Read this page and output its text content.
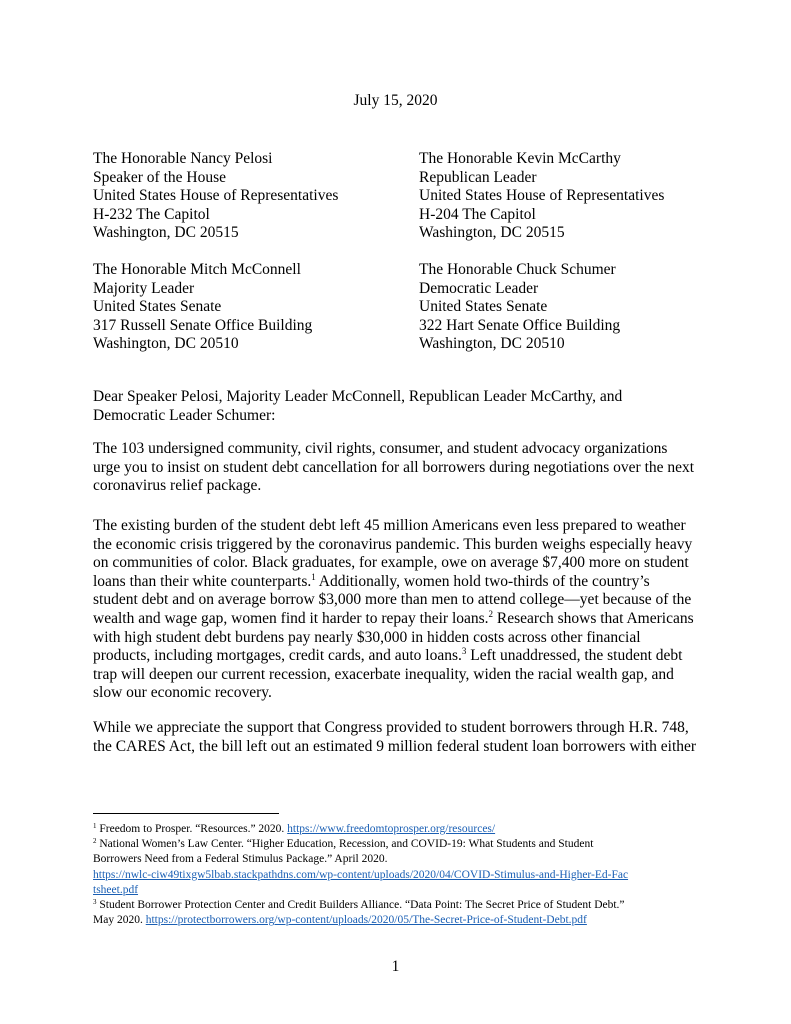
July 15, 2020
The Honorable Nancy Pelosi
Speaker of the House
United States House of Representatives
H-232 The Capitol
Washington, DC 20515
The Honorable Kevin McCarthy
Republican Leader
United States House of Representatives
H-204 The Capitol
Washington, DC 20515
The Honorable Mitch McConnell
Majority Leader
United States Senate
317 Russell Senate Office Building
Washington, DC 20510
The Honorable Chuck Schumer
Democratic Leader
United States Senate
322 Hart Senate Office Building
Washington, DC 20510
Dear Speaker Pelosi, Majority Leader McConnell, Republican Leader McCarthy, and
Democratic Leader Schumer:
The 103 undersigned community, civil rights, consumer, and student advocacy organizations
urge you to insist on student debt cancellation for all borrowers during negotiations over the next
coronavirus relief package.
The existing burden of the student debt left 45 million Americans even less prepared to weather
the economic crisis triggered by the coronavirus pandemic. This burden weighs especially heavy
on communities of color. Black graduates, for example, owe on average $7,400 more on student
loans than their white counterparts.$^1$ Additionally, women hold two-thirds of the country’s
student debt and on average borrow $3,000 more than men to attend college—yet because of the
wealth and wage gap, women find it harder to repay their loans.$^2$ Research shows that Americans
with high student debt burdens pay nearly $30,000 in hidden costs across other financial
products, including mortgages, credit cards, and auto loans.$^3$ Left unaddressed, the student debt
trap will deepen our current recession, exacerbate inequality, widen the racial wealth gap, and
slow our economic recovery.
While we appreciate the support that Congress provided to student borrowers through H.R. 748,
the CARES Act, the bill left out an estimated 9 million federal student loan borrowers with either
$^1$ Freedom to Prosper. “Resources.” 2020. https://www.freedomtoprosper.org/resources/
$^2$ National Women’s Law Center. “Higher Education, Recession, and COVID-19: What Students and Student
Borrowers Need from a Federal Stimulus Package.” April 2020.
https://nwlc-ciw49tixgw5lbab.stackpathdns.com/wp-content/uploads/2020/04/COVID-Stimulus-and-Higher-Ed-Fac
tsheet.pdf
$^3$ Student Borrower Protection Center and Credit Builders Alliance. “Data Point: The Secret Price of Student Debt.”
May 2020. https://protectborrowers.org/wp-content/uploads/2020/05/The-Secret-Price-of-Student-Debt.pdf
1
